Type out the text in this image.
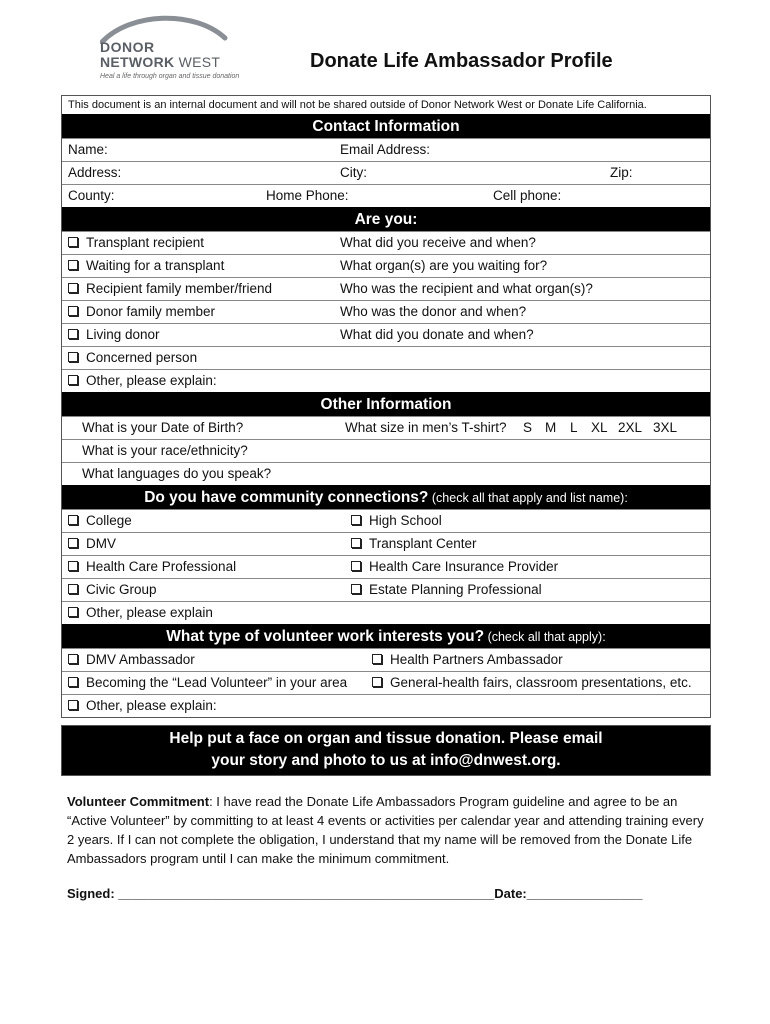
DONOR
NETWORK WEST
Heal a life through organ and tissue donation
Donate Life Ambassador Profile
This document is an internal document and will not be shared outside of Donor Network West or Donate Life California.
Contact Information
Name:	Email Address:
Address:	City:	Zip:
County:	Home Phone:	Cell phone:
Are you:
Transplant recipient	What did you receive and when?
Waiting for a transplant	What organ(s) are you waiting for?
Recipient family member/friend	Who was the recipient and what organ(s)?
Donor family member	Who was the donor and when?
Living donor	What did you donate and when?
Concerned person
Other, please explain:
Other Information
What is your Date of Birth?	What size in men’s T-shirt? S M L XL 2XL 3XL
What is your race/ethnicity?
What languages do you speak?
Do you have community connections? (check all that apply and list name):
College	High School
DMV	Transplant Center
Health Care Professional	Health Care Insurance Provider
Civic Group	Estate Planning Professional
Other, please explain
What type of volunteer work interests you? (check all that apply):
DMV Ambassador	Health Partners Ambassador
Becoming the “Lead Volunteer” in your area	General-health fairs, classroom presentations, etc.
Other, please explain:
Help put a face on organ and tissue donation. Please email
your story and photo to us at info@dnwest.org.
Volunteer Commitment: I have read the Donate Life Ambassadors Program guideline and agree to be an “Active Volunteer” by committing to at least 4 events or activities per calendar year and attending training every 2 years. If I can not complete the obligation, I understand that my name will be removed from the Donate Life Ambassadors program until I can make the minimum commitment.
Signed: ____________________________________________________Date:________________
